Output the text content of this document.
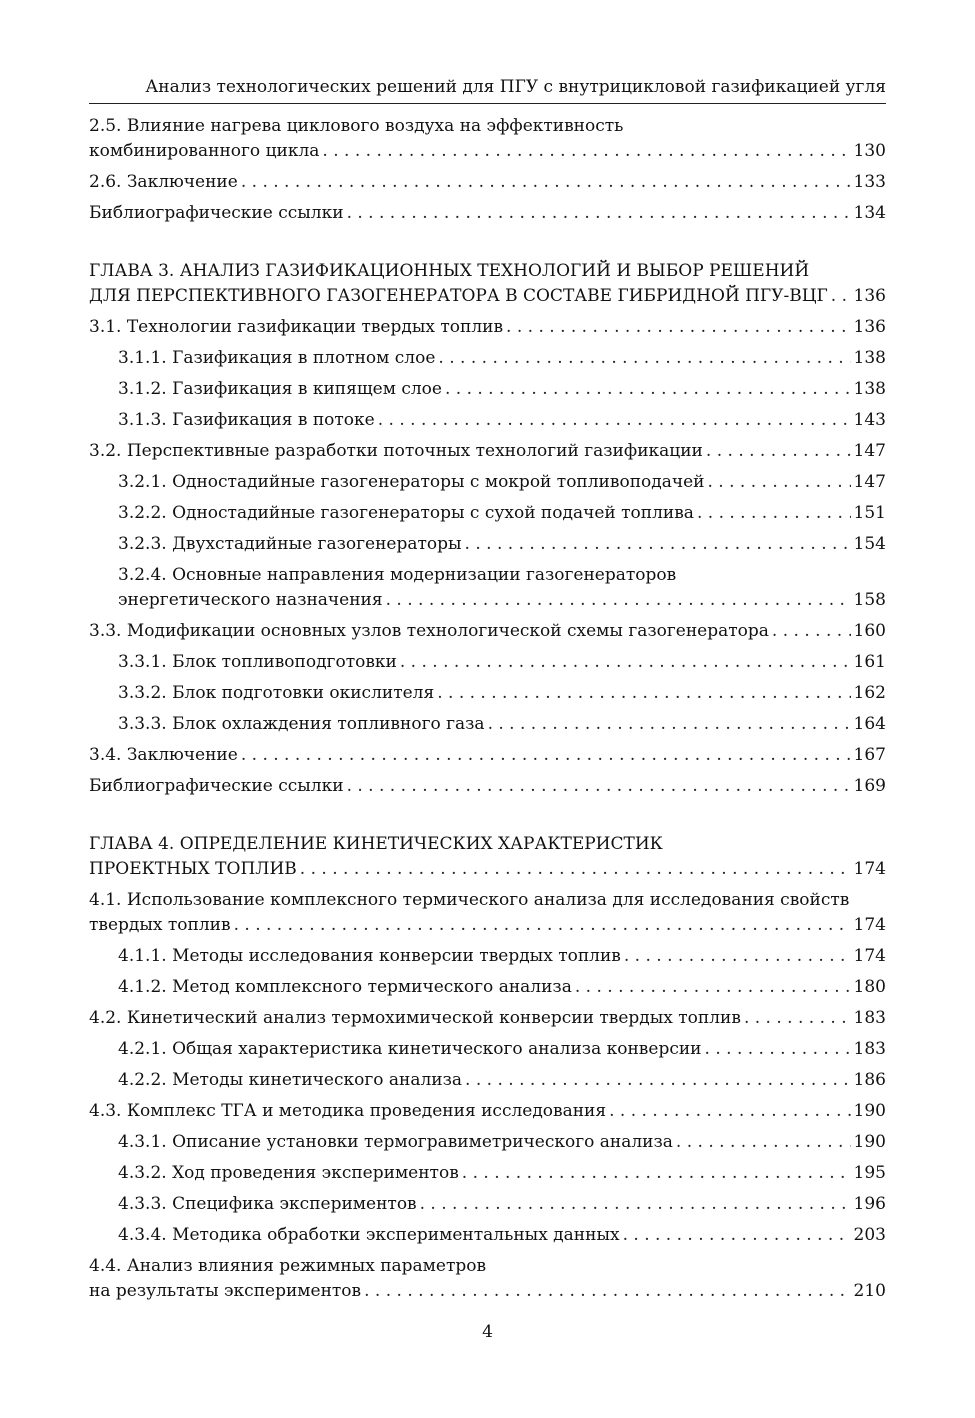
Анализ технологических решений для ПГУ с внутрицикловой газификацией угля
2.5. Влияние нагрева циклового воздуха на эффективность
комбинированного цикла . . .	130
2.6. Заключение . . .	133
Библиографические ссылки . . .	134
ГЛАВА 3. АНАЛИЗ ГАЗИФИКАЦИОННЫХ ТЕХНОЛОГИЙ И ВЫБОР РЕШЕНИЙ
ДЛЯ ПЕРСПЕКТИВНОГО ГАЗОГЕНЕРАТОРА В СОСТАВЕ ГИБРИДНОЙ ПГУ-ВЦГ . . . 136
3.1. Технологии газификации твердых топлив . . .	136
3.1.1. Газификация в плотном слое . . .	138
3.1.2. Газификация в кипящем слое . . .	138
3.1.3. Газификация в потоке . . .	143
3.2. Перспективные разработки поточных технологий газификации . . .	147
3.2.1. Одностадийные газогенераторы с мокрой топливоподачей . . .	147
3.2.2. Одностадийные газогенераторы с сухой подачей топлива . . .	151
3.2.3. Двухстадийные газогенераторы . . .	154
3.2.4. Основные направления модернизации газогенераторов
энергетического назначения . . .	158
3.3. Модификации основных узлов технологической схемы газогенератора . . .	160
3.3.1. Блок топливоподготовки . . .	161
3.3.2. Блок подготовки окислителя . . .	162
3.3.3. Блок охлаждения топливного газа . . .	164
3.4. Заключение . . .	167
Библиографические ссылки . . .	169
ГЛАВА 4. ОПРЕДЕЛЕНИЕ КИНЕТИЧЕСКИХ ХАРАКТЕРИСТИК
ПРОЕКТНЫХ ТОПЛИВ . . .	174
4.1. Использование комплексного термического анализа для исследования свойств
твердых топлив . . .	174
4.1.1. Методы исследования конверсии твердых топлив . . .	174
4.1.2. Метод комплексного термического анализа . . .	180
4.2. Кинетический анализ термохимической конверсии твердых топлив . . .	183
4.2.1. Общая характеристика кинетического анализа конверсии . . .	183
4.2.2. Методы кинетического анализа . . .	186
4.3. Комплекс ТГА и методика проведения исследования . . .	190
4.3.1. Описание установки термогравиметрического анализа . . .	190
4.3.2. Ход проведения экспериментов . . .	195
4.3.3. Специфика экспериментов . . .	196
4.3.4. Методика обработки экспериментальных данных . . .	203
4.4. Анализ влияния режимных параметров
на результаты экспериментов . . .	210
4
